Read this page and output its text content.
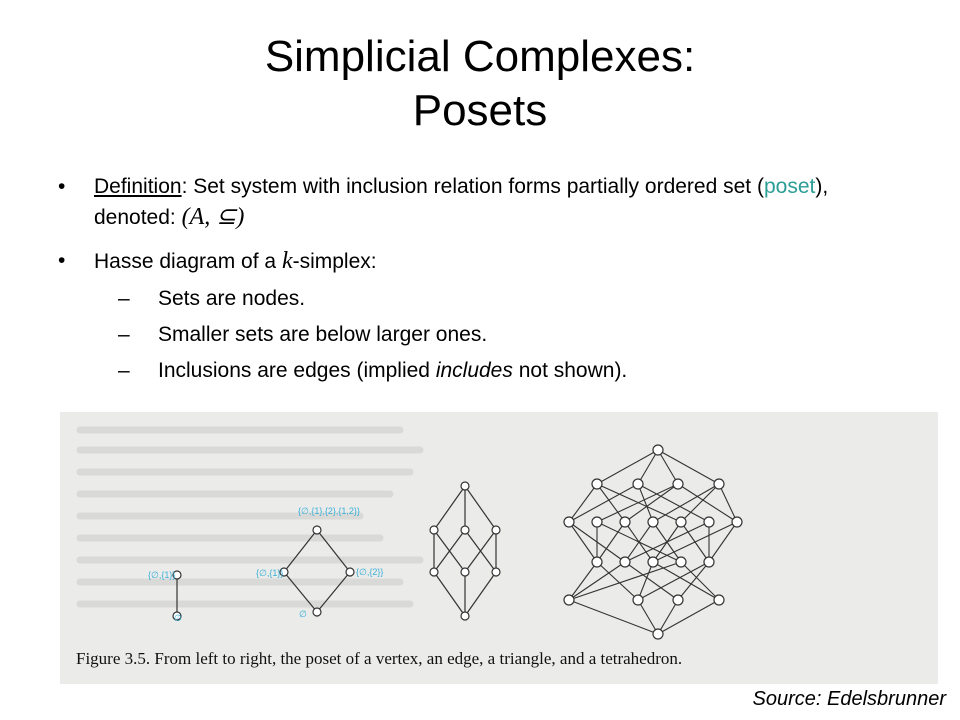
Simplicial Complexes:
Posets
• Definition: Set system with inclusion relation forms partially ordered set (poset), denoted: (A, ⊆)
• Hasse diagram of a k-simplex:
– Sets are nodes.
– Smaller sets are below larger ones.
– Inclusions are edges (implied includes not shown).
{∅,{1}}
∅
{∅,{1},{2},{1,2}}
{∅,{1}}	{∅,{2}}
∅
Figure 3.5. From left to right, the poset of a vertex, an edge, a triangle, and a tetrahedron.
Source: Edelsbrunner
